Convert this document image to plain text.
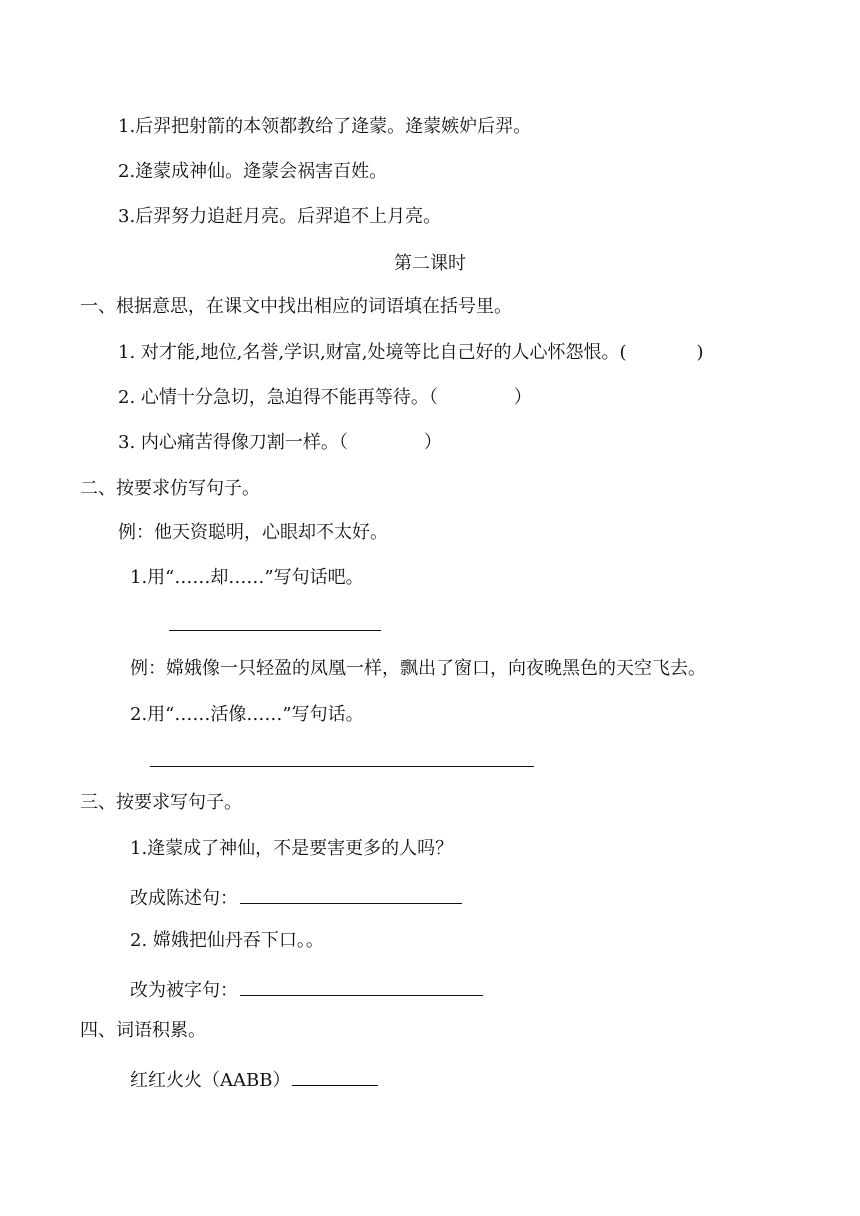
1.后羿把射箭的本领都教给了逄蒙。逄蒙嫉妒后羿。
2.逄蒙成神仙。逄蒙会祸害百姓。
3.后羿努力追赶月亮。后羿追不上月亮。
第二课时
一、根据意思，在课文中找出相应的词语填在括号里。
1. 对才能,地位,名誉,学识,财富,处境等比自己好的人心怀怨恨。(	)
2. 心情十分急切，急迫得不能再等待。（	）
3. 内心痛苦得像刀割一样。（	）
二、按要求仿写句子。
例：他天资聪明，心眼却不太好。
1.用“……却……”写句话吧。
例：嫦娥像一只轻盈的凤凰一样，飘出了窗口，向夜晚黑色的天空飞去。
2.用“……活像……”写句话。
三、按要求写句子。
1.逄蒙成了神仙，不是要害更多的人吗？
改成陈述句：
2. 嫦娥把仙丹吞下口。。
改为被字句：
四、词语积累。
红红火火（AABB）
